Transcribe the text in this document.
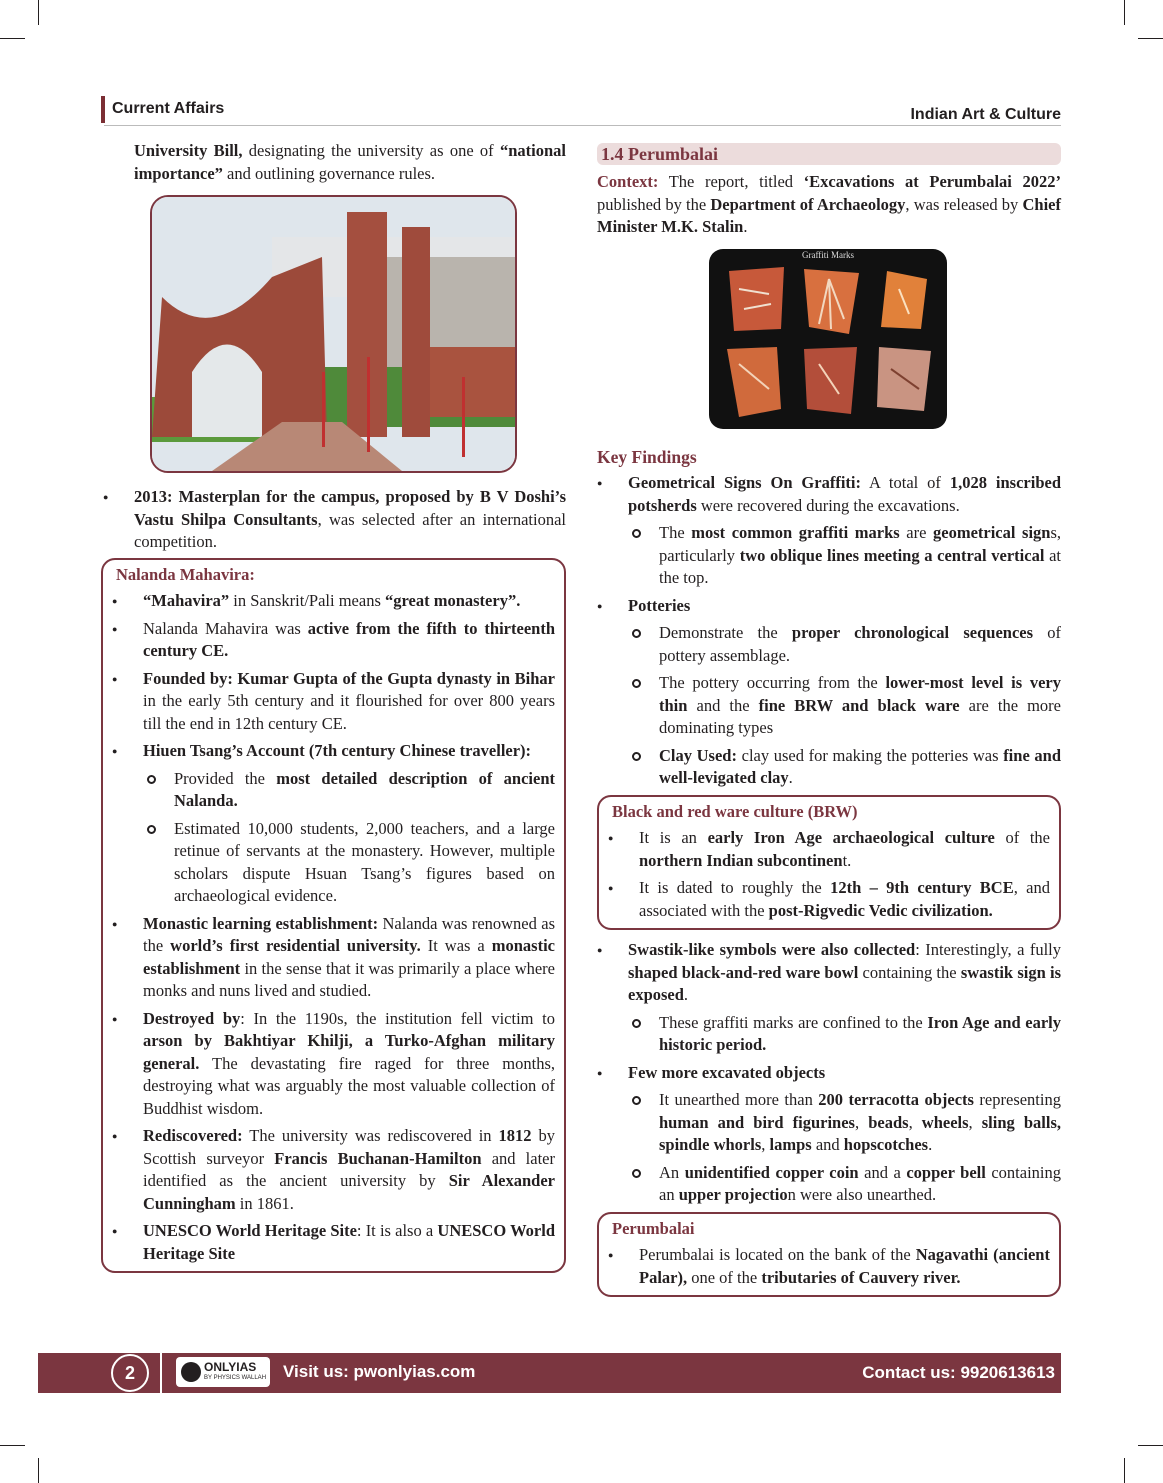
Current Affairs	Indian Art & Culture

University Bill, designating the university as one of “national importance” and outlining governance rules.

● 2013: Masterplan for the campus, proposed by B V Doshi’s Vastu Shilpa Consultants, was selected after an international competition.
Nalanda Mahavira:
● “Mahavira” in Sanskrit/Pali means “great monastery”.
● Nalanda Mahavira was active from the fifth to thirteenth century CE.
● Founded by: Kumar Gupta of the Gupta dynasty in Bihar in the early 5th century and it flourished for over 800 years till the end in 12th century CE.
● Hiuen Tsang’s Account (7th century Chinese traveller):
Provided the most detailed description of ancient Nalanda.
Estimated 10,000 students, 2,000 teachers, and a large retinue of servants at the monastery. However, multiple scholars dispute Hsuan Tsang’s figures based on archaeological evidence.
● Monastic learning establishment: Nalanda was renowned as the world’s first residential university. It was a monastic establishment in the sense that it was primarily a place where monks and nuns lived and studied.
● Destroyed by: In the 1190s, the institution fell victim to arson by Bakhtiyar Khilji, a Turko-Afghan military general. The devastating fire raged for three months, destroying what was arguably the most valuable collection of Buddhist wisdom.
● Rediscovered: The university was rediscovered in 1812 by Scottish surveyor Francis Buchanan-Hamilton and later identified as the ancient university by Sir Alexander Cunningham in 1861.
● UNESCO World Heritage Site: It is also a UNESCO World Heritage Site
1.4 Perumbalai

Context: The report, titled ‘Excavations at Perumbalai 2022’ published by the Department of Archaeology, was released by Chief Minister M.K. Stalin.

Graffiti Marks
Key Findings
● Geometrical Signs On Graffiti: A total of 1,028 inscribed potsherds were recovered during the excavations.
The most common graffiti marks are geometrical signs, particularly two oblique lines meeting a central vertical at the top.
● Potteries
Demonstrate the proper chronological sequences of pottery assemblage.
The pottery occurring from the lower-most level is very thin and the fine BRW and black ware are the more dominating types
Clay Used: clay used for making the potteries was fine and well-levigated clay.
Black and red ware culture (BRW)
● It is an early Iron Age archaeological culture of the northern Indian subcontinent.
● It is dated to roughly the 12th – 9th century BCE, and associated with the post-Rigvedic Vedic civilization.
● Swastik-like symbols were also collected: Interestingly, a fully shaped black-and-red ware bowl containing the swastik sign is exposed.
These graffiti marks are confined to the Iron Age and early historic period.
● Few more excavated objects
It unearthed more than 200 terracotta objects representing human and bird figurines, beads, wheels, sling balls, spindle whorls, lamps and hopscotches.
An unidentified copper coin and a copper bell containing an upper projection were also unearthed.
Perumbalai
● Perumbalai is located on the bank of the Nagavathi (ancient Palar), one of the tributaries of Cauvery river.
2	ONLYIAS
BY PHYSICS WALLAH Visit us: pwonlyias.com	Contact us: 9920613613
